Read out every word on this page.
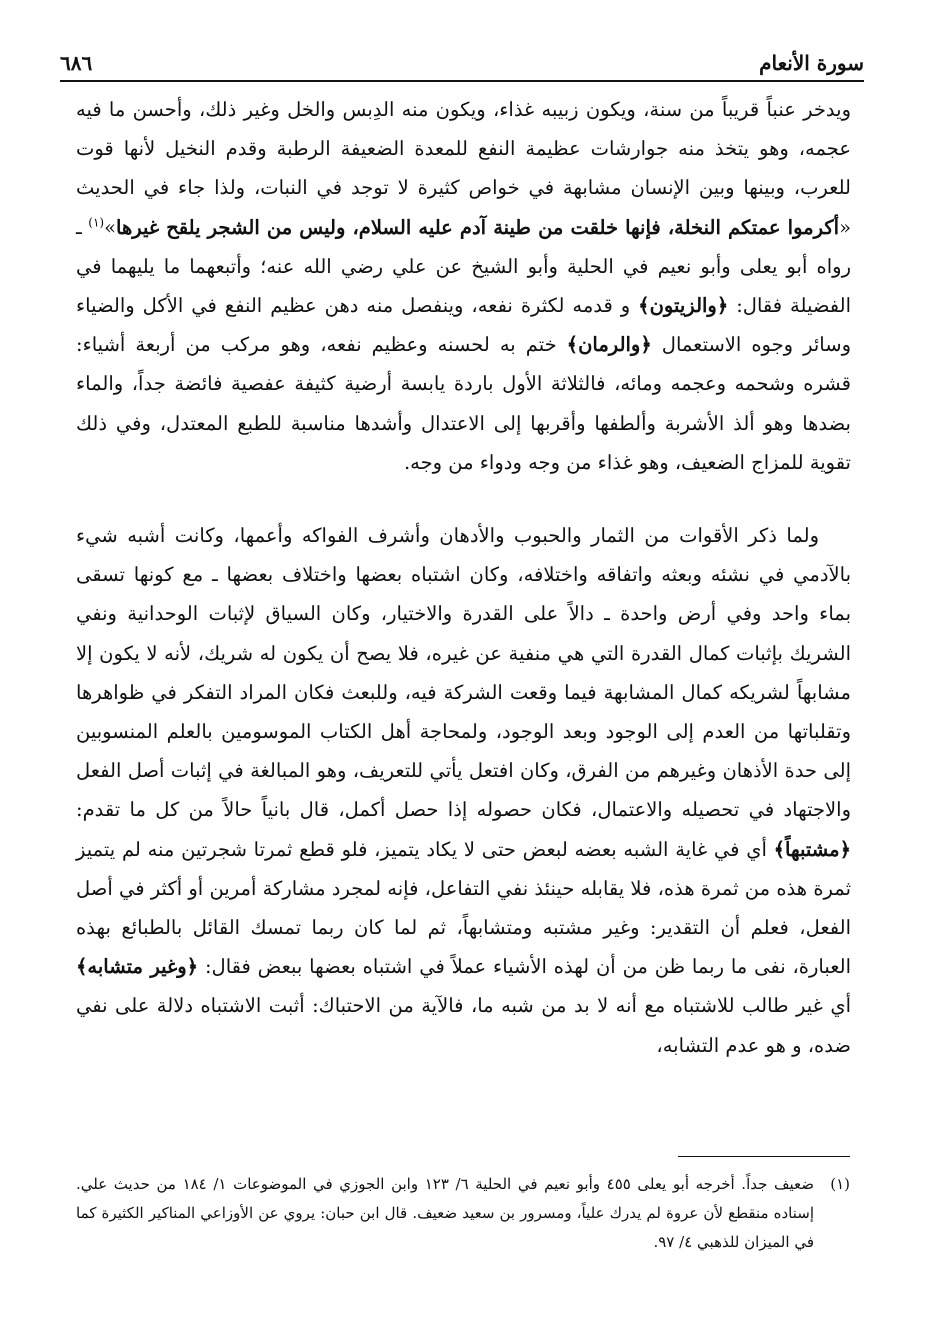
سورة الأنعام
٦٨٦

ويدخر عنباً قريباً من سنة، ويكون زبيبه غذاء، ويكون منه الدِبس والخل وغير ذلك، وأحسن ما فيه عجمه، وهو يتخذ منه جوارشات عظيمة النفع للمعدة الضعيفة الرطبة وقدم النخيل لأنها قوت للعرب، وبينها وبين الإنسان مشابهة في خواص كثيرة لا توجد في النبات، ولذا جاء في الحديث «أكرموا عمتكم النخلة، فإنها خلقت من طينة آدم عليه السلام، وليس من الشجر يلقح غيرها»$^{(١)}$ ـ رواه أبو يعلى وأبو نعيم في الحلية وأبو الشيخ عن علي رضي الله عنه؛ وأتبعهما ما يليهما في الفضيلة فقال: ﴿والزيتون﴾ و قدمه لكثرة نفعه، وينفصل منه دهن عظيم النفع في الأكل والضياء وسائر وجوه الاستعمال ﴿والرمان﴾ ختم به لحسنه وعظيم نفعه، وهو مركب من أربعة أشياء: قشره وشحمه وعجمه ومائه، فالثلاثة الأول باردة يابسة أرضية كثيفة عفصية فائضة جداً، والماء بضدها وهو ألذ الأشربة وألطفها وأقربها إلى الاعتدال وأشدها مناسبة للطبع المعتدل، وفي ذلك تقوية للمزاج الضعيف، وهو غذاء من وجه ودواء من وجه.

ولما ذكر الأقوات من الثمار والحبوب والأدهان وأشرف الفواكه وأعمها، وكانت أشبه شيء بالآدمي في نشئه وبعثه واتفاقه واختلافه، وكان اشتباه بعضها واختلاف بعضها ـ مع كونها تسقى بماء واحد وفي أرض واحدة ـ دالاً على القدرة والاختيار، وكان السياق لإثبات الوحدانية ونفي الشريك بإثبات كمال القدرة التي هي منفية عن غيره، فلا يصح أن يكون له شريك، لأنه لا يكون إلا مشابهاً لشريكه كمال المشابهة فيما وقعت الشركة فيه، وللبعث فكان المراد التفكر في ظواهرها وتقلباتها من العدم إلى الوجود وبعد الوجود، ولمحاجة أهل الكتاب الموسومين بالعلم المنسوبين إلى حدة الأذهان وغيرهم من الفرق، وكان افتعل يأتي للتعريف، وهو المبالغة في إثبات أصل الفعل والاجتهاد في تحصيله والاعتمال، فكان حصوله إذا حصل أكمل، قال بانياً حالاً من كل ما تقدم: ﴿مشتبهاً﴾ أي في غاية الشبه بعضه لبعض حتى لا يكاد يتميز، فلو قطع ثمرتا شجرتين منه لم يتميز ثمرة هذه من ثمرة هذه، فلا يقابله حينئذ نفي التفاعل، فإنه لمجرد مشاركة أمرين أو أكثر في أصل الفعل، فعلم أن التقدير: وغير مشتبه ومتشابهاً، ثم لما كان ربما تمسك القائل بالطبائع بهذه العبارة، نفى ما ربما ظن من أن لهذه الأشياء عملاً في اشتباه بعضها ببعض فقال: ﴿وغير متشابه﴾ أي غير طالب للاشتباه مع أنه لا بد من شبه ما، فالآية من الاحتباك: أثبت الاشتباه دلالة على نفي ضده، و هو عدم التشابه،

(١)
ضعيف جداً. أخرجه أبو يعلى ٤٥٥ وأبو نعيم في الحلية ٦/ ١٢٣ وابن الجوزي في الموضوعات ١/ ١٨٤ من حديث علي. إسناده منقطع لأن عروة لم يدرك علياً، ومسرور بن سعيد ضعيف. قال ابن حبان: يروي عن الأوزاعي المناكير الكثيرة كما في الميزان للذهبي ٤/ ٩٧.
